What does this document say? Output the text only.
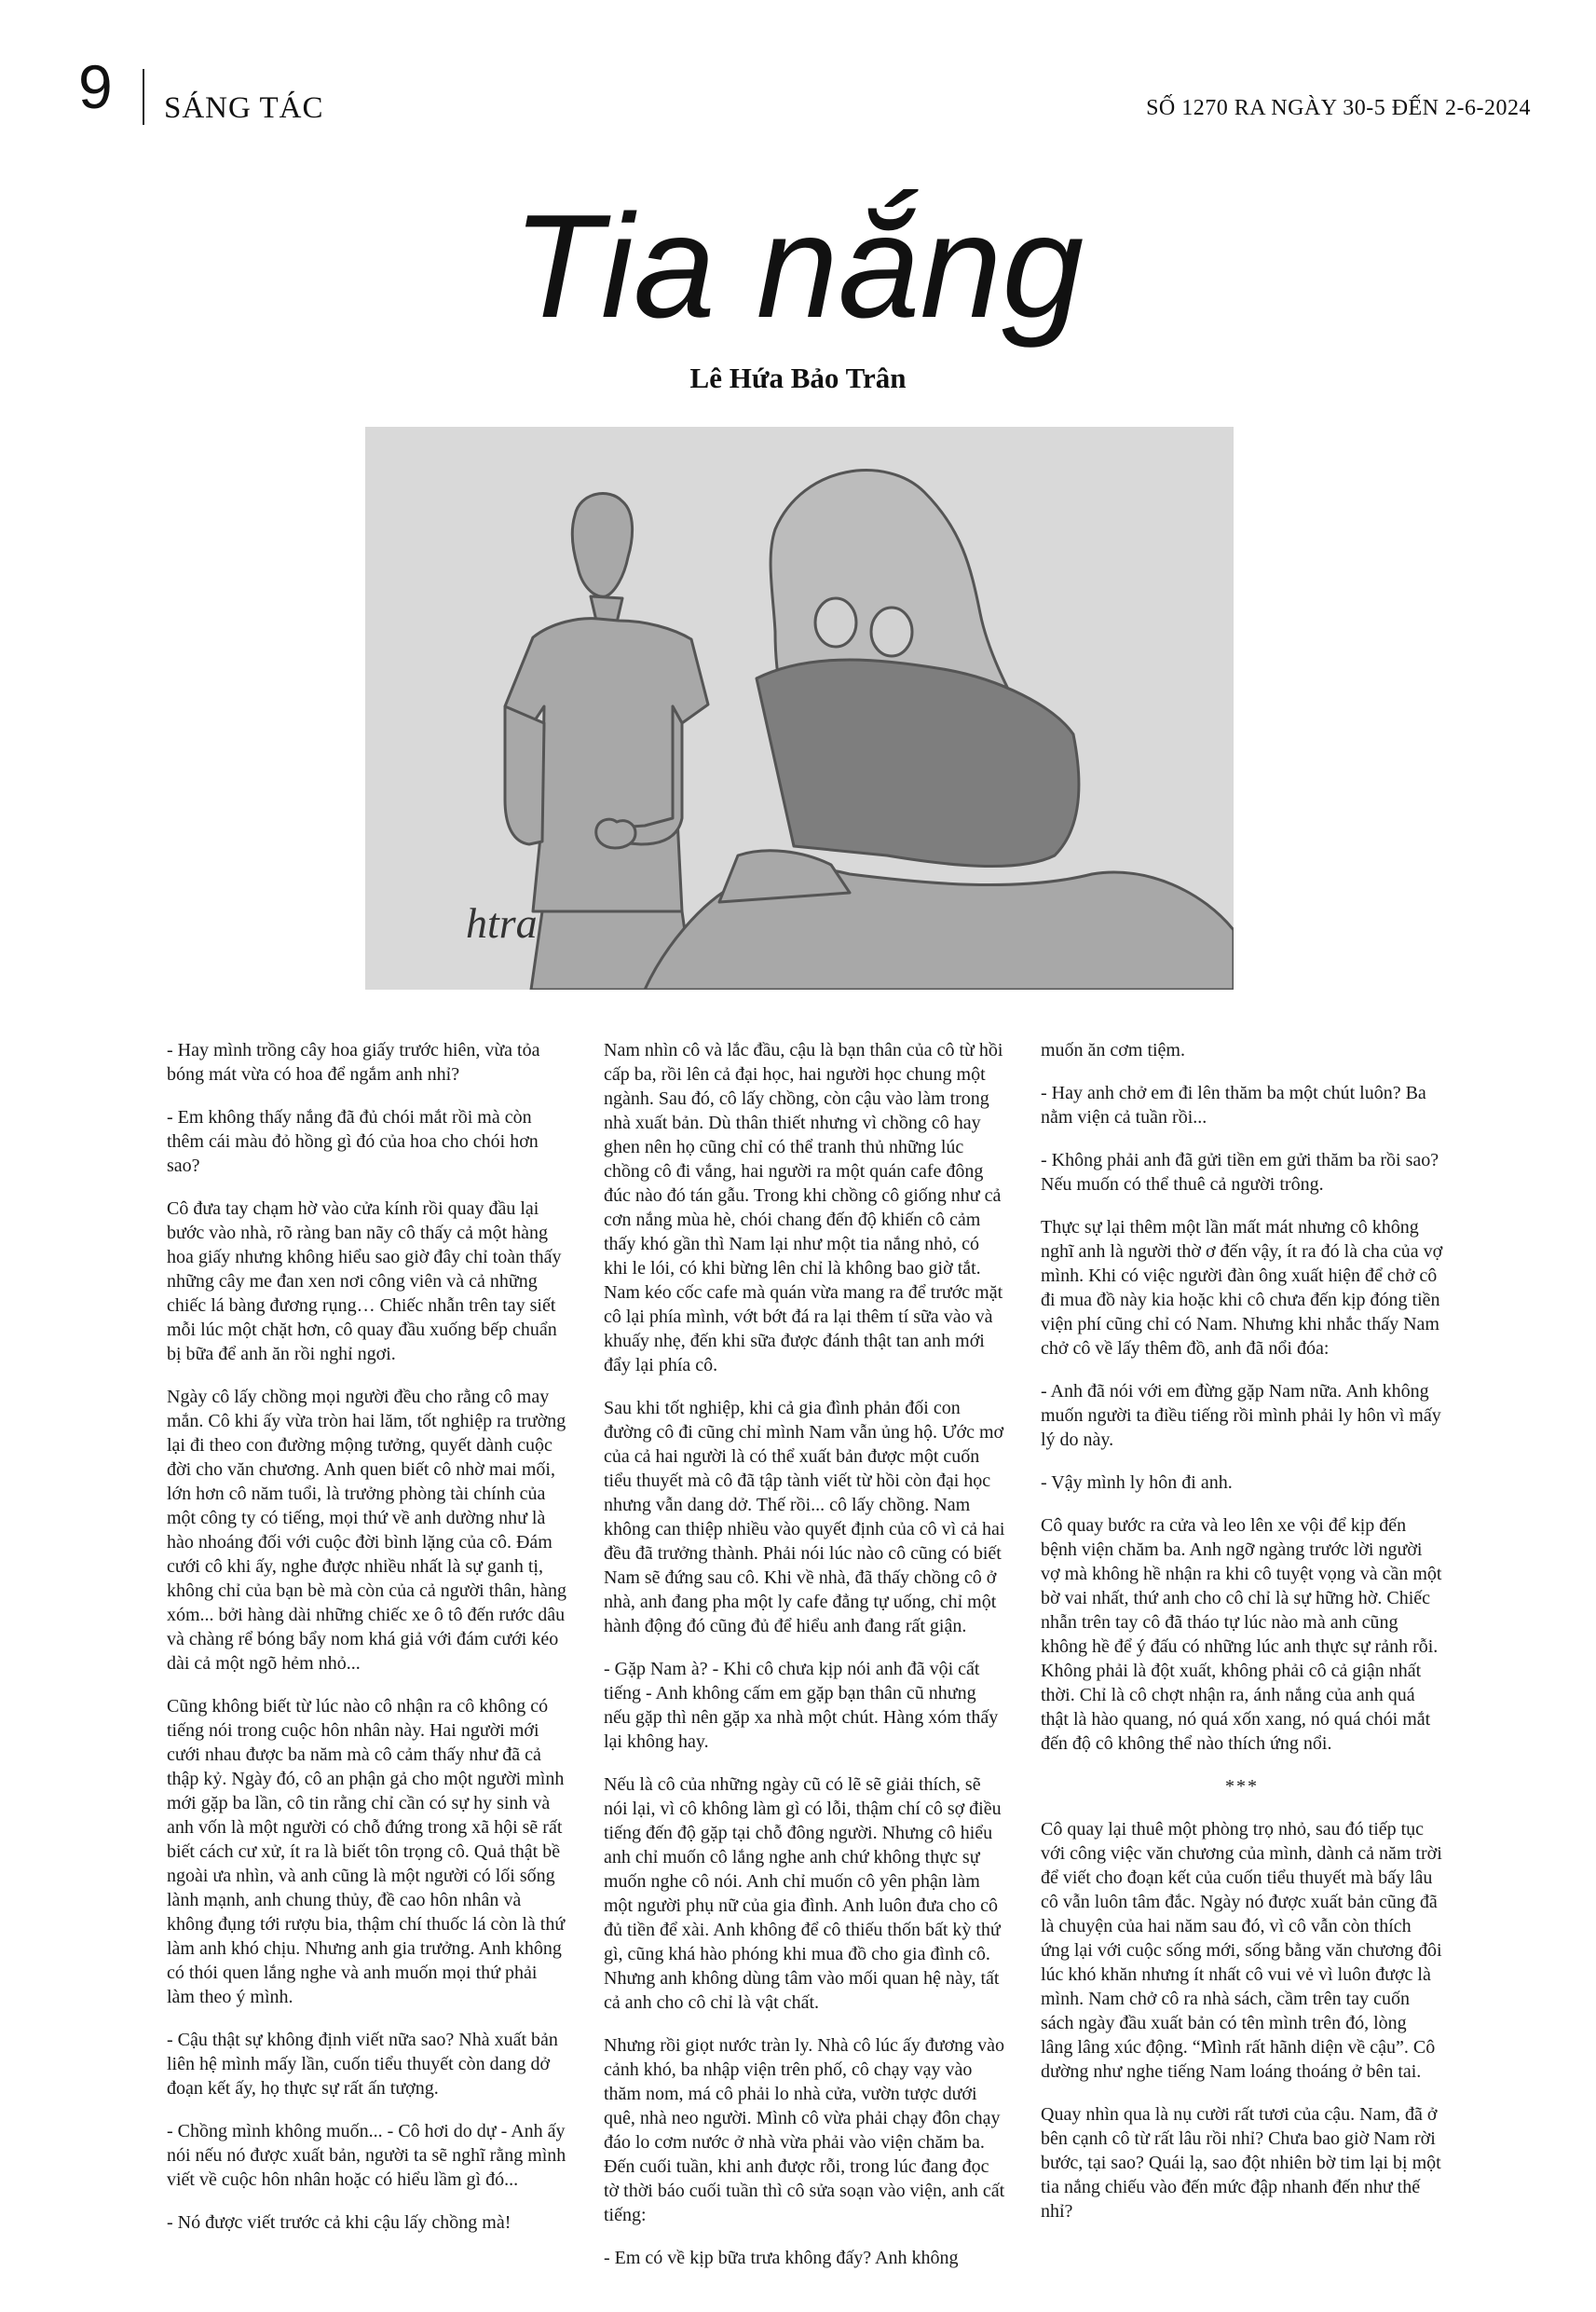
9 SÁNG TÁC	SỐ 1270 RA NGÀY 30-5 ĐẾN 2-6-2024
Tia nắng
Lê Hứa Bảo Trân
htra

- Hay mình trồng cây hoa giấy trước hiên, vừa tỏa bóng mát vừa có hoa để ngắm anh nhỉ?

- Em không thấy nắng đã đủ chói mắt rồi mà còn thêm cái màu đỏ hồng gì đó của hoa cho chói hơn sao?

Cô đưa tay chạm hờ vào cửa kính rồi quay đầu lại bước vào nhà, rõ ràng ban nãy cô thấy cả một hàng hoa giấy nhưng không hiểu sao giờ đây chỉ toàn thấy những cây me đan xen nơi công viên và cả những chiếc lá bàng đương rụng… Chiếc nhẫn trên tay siết mỗi lúc một chặt hơn, cô quay đầu xuống bếp chuẩn bị bữa để anh ăn rồi nghỉ ngơi.

Ngày cô lấy chồng mọi người đều cho rằng cô may mắn. Cô khi ấy vừa tròn hai lăm, tốt nghiệp ra trường lại đi theo con đường mộng tưởng, quyết dành cuộc đời cho văn chương. Anh quen biết cô nhờ mai mối, lớn hơn cô năm tuổi, là trưởng phòng tài chính của một công ty có tiếng, mọi thứ về anh dường như là hào nhoáng đối với cuộc đời bình lặng của cô. Đám cưới cô khi ấy, nghe được nhiều nhất là sự ganh tị, không chỉ của bạn bè mà còn của cả người thân, hàng xóm... bởi hàng dài những chiếc xe ô tô đến rước dâu và chàng rể bóng bẩy nom khá giả với đám cưới kéo dài cả một ngõ hẻm nhỏ...

Cũng không biết từ lúc nào cô nhận ra cô không có tiếng nói trong cuộc hôn nhân này. Hai người mới cưới nhau được ba năm mà cô cảm thấy như đã cả thập kỷ. Ngày đó, cô an phận gả cho một người mình mới gặp ba lần, cô tin rằng chỉ cần có sự hy sinh và anh vốn là một người có chỗ đứng trong xã hội sẽ rất biết cách cư xử, ít ra là biết tôn trọng cô. Quả thật bề ngoài ưa nhìn, và anh cũng là một người có lối sống lành mạnh, anh chung thủy, đề cao hôn nhân và không đụng tới rượu bia, thậm chí thuốc lá còn là thứ làm anh khó chịu. Nhưng anh gia trưởng. Anh không có thói quen lắng nghe và anh muốn mọi thứ phải làm theo ý mình.

- Cậu thật sự không định viết nữa sao? Nhà xuất bản liên hệ mình mấy lần, cuốn tiểu thuyết còn dang dở đoạn kết ấy, họ thực sự rất ấn tượng.

- Chồng mình không muốn... - Cô hơi do dự - Anh ấy nói nếu nó được xuất bản, người ta sẽ nghĩ rằng mình viết về cuộc hôn nhân hoặc có hiểu lầm gì đó...

- Nó được viết trước cả khi cậu lấy chồng mà!

Nam nhìn cô và lắc đầu, cậu là bạn thân của cô từ hồi cấp ba, rồi lên cả đại học, hai người học chung một ngành. Sau đó, cô lấy chồng, còn cậu vào làm trong nhà xuất bản. Dù thân thiết nhưng vì chồng cô hay ghen nên họ cũng chỉ có thể tranh thủ những lúc chồng cô đi vắng, hai người ra một quán cafe đông đúc nào đó tán gẫu. Trong khi chồng cô giống như cả cơn nắng mùa hè, chói chang đến độ khiến cô cảm thấy khó gần thì Nam lại như một tia nắng nhỏ, có khi le lói, có khi bừng lên chỉ là không bao giờ tắt. Nam kéo cốc cafe mà quán vừa mang ra để trước mặt cô lại phía mình, vớt bớt đá ra lại thêm tí sữa vào và khuấy nhẹ, đến khi sữa được đánh thật tan anh mới đẩy lại phía cô.

Sau khi tốt nghiệp, khi cả gia đình phản đối con đường cô đi cũng chỉ mình Nam vẫn ủng hộ. Ước mơ của cả hai người là có thể xuất bản được một cuốn tiểu thuyết mà cô đã tập tành viết từ hồi còn đại học nhưng vẫn dang dở. Thế rồi... cô lấy chồng. Nam không can thiệp nhiều vào quyết định của cô vì cả hai đều đã trưởng thành. Phải nói lúc nào cô cũng có biết Nam sẽ đứng sau cô. Khi về nhà, đã thấy chồng cô ở nhà, anh đang pha một ly cafe đẳng tự uống, chỉ một hành động đó cũng đủ để hiểu anh đang rất giận.

- Gặp Nam à? - Khi cô chưa kịp nói anh đã vội cất tiếng - Anh không cấm em gặp bạn thân cũ nhưng nếu gặp thì nên gặp xa nhà một chút. Hàng xóm thấy lại không hay.

Nếu là cô của những ngày cũ có lẽ sẽ giải thích, sẽ nói lại, vì cô không làm gì có lỗi, thậm chí cô sợ điều tiếng đến độ gặp tại chỗ đông người. Nhưng cô hiểu anh chỉ muốn cô lắng nghe anh chứ không thực sự muốn nghe cô nói. Anh chỉ muốn cô yên phận làm một người phụ nữ của gia đình. Anh luôn đưa cho cô đủ tiền để xài. Anh không để cô thiếu thốn bất kỳ thứ gì, cũng khá hào phóng khi mua đồ cho gia đình cô. Nhưng anh không dùng tâm vào mối quan hệ này, tất cả anh cho cô chỉ là vật chất.

Nhưng rồi giọt nước tràn ly. Nhà cô lúc ấy đương vào cảnh khó, ba nhập viện trên phố, cô chạy vạy vào thăm nom, má cô phải lo nhà cửa, vườn tược dưới quê, nhà neo người. Mình cô vừa phải chạy đôn chạy đáo lo cơm nước ở nhà vừa phải vào viện chăm ba. Đến cuối tuần, khi anh được rỗi, trong lúc đang đọc tờ thời báo cuối tuần thì cô sửa soạn vào viện, anh cất tiếng:

- Em có về kịp bữa trưa không đấy? Anh không

muốn ăn cơm tiệm.

- Hay anh chở em đi lên thăm ba một chút luôn? Ba nằm viện cả tuần rồi...

- Không phải anh đã gửi tiền em gửi thăm ba rồi sao? Nếu muốn có thể thuê cả người trông.

Thực sự lại thêm một lần mất mát nhưng cô không nghĩ anh là người thờ ơ đến vậy, ít ra đó là cha của vợ mình. Khi có việc người đàn ông xuất hiện để chở cô đi mua đồ này kia hoặc khi cô chưa đến kịp đóng tiền viện phí cũng chỉ có Nam. Nhưng khi nhắc thấy Nam chở cô về lấy thêm đồ, anh đã nổi đóa:

- Anh đã nói với em đừng gặp Nam nữa. Anh không muốn người ta điều tiếng rồi mình phải ly hôn vì mấy lý do này.

- Vậy mình ly hôn đi anh.

Cô quay bước ra cửa và leo lên xe vội để kịp đến bệnh viện chăm ba. Anh ngỡ ngàng trước lời người vợ mà không hề nhận ra khi cô tuyệt vọng và cần một bờ vai nhất, thứ anh cho cô chỉ là sự hững hờ. Chiếc nhẫn trên tay cô đã tháo tự lúc nào mà anh cũng không hề để ý đấu có những lúc anh thực sự rảnh rỗi. Không phải là đột xuất, không phải cô cả giận nhất thời. Chỉ là cô chợt nhận ra, ánh nắng của anh quá thật là hào quang, nó quá xốn xang, nó quá chói mắt đến độ cô không thể nào thích ứng nổi.

***

Cô quay lại thuê một phòng trọ nhỏ, sau đó tiếp tục với công việc văn chương của mình, dành cả năm trời để viết cho đoạn kết của cuốn tiểu thuyết mà bấy lâu cô vẫn luôn tâm đắc. Ngày nó được xuất bản cũng đã là chuyện của hai năm sau đó, vì cô vẫn còn thích ứng lại với cuộc sống mới, sống bằng văn chương đôi lúc khó khăn nhưng ít nhất cô vui vẻ vì luôn được là mình. Nam chở cô ra nhà sách, cầm trên tay cuốn sách ngày đầu xuất bản có tên mình trên đó, lòng lâng lâng xúc động. “Mình rất hãnh diện về cậu”. Cô dường như nghe tiếng Nam loáng thoáng ở bên tai.

Quay nhìn qua là nụ cười rất tươi của cậu. Nam, đã ở bên cạnh cô từ rất lâu rồi nhỉ? Chưa bao giờ Nam rời bước, tại sao? Quái lạ, sao đột nhiên bờ tim lại bị một tia nắng chiếu vào đến mức đập nhanh đến như thế nhỉ?
